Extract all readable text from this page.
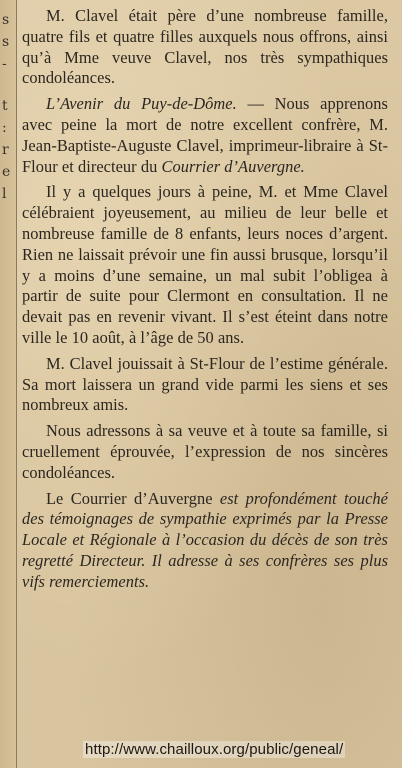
s
s
-
t
:
r
e
l

M. Clavel était père d’une nombreuse famille, quatre fils et quatre filles auxquels nous offrons, ainsi qu’à Mme veuve Clavel, nos très sympathiques condoléances.

L’Avenir du Puy-de-Dôme. — Nous apprenons avec peine la mort de notre excellent confrère, M. Jean-Baptiste-Auguste Clavel, imprimeur-libraire à St-Flour et directeur du Courrier d’Auvergne.

Il y a quelques jours à peine, M. et Mme Clavel célébraient joyeusement, au milieu de leur belle et nombreuse famille de 8 enfants, leurs noces d’argent. Rien ne laissait prévoir une fin aussi brusque, lorsqu’il y a moins d’une semaine, un mal subit l’obligea à partir de suite pour Clermont en consultation. Il ne devait pas en revenir vivant. Il s’est éteint dans notre ville le 10 août, à l’âge de 50 ans.

M. Clavel jouissait à St-Flour de l’estime générale. Sa mort laissera un grand vide parmi les siens et ses nombreux amis.

Nous adressons à sa veuve et à toute sa famille, si cruellement éprouvée, l’expression de nos sincères condoléances.

Le Courrier d’Auvergne est profondément touché des témoignages de sympathie exprimés par la Presse Locale et Régionale à l’occasion du décès de son très regretté Directeur. Il adresse à ses confrères ses plus vifs remerciements.

http://www.chailloux.org/public/geneal/
